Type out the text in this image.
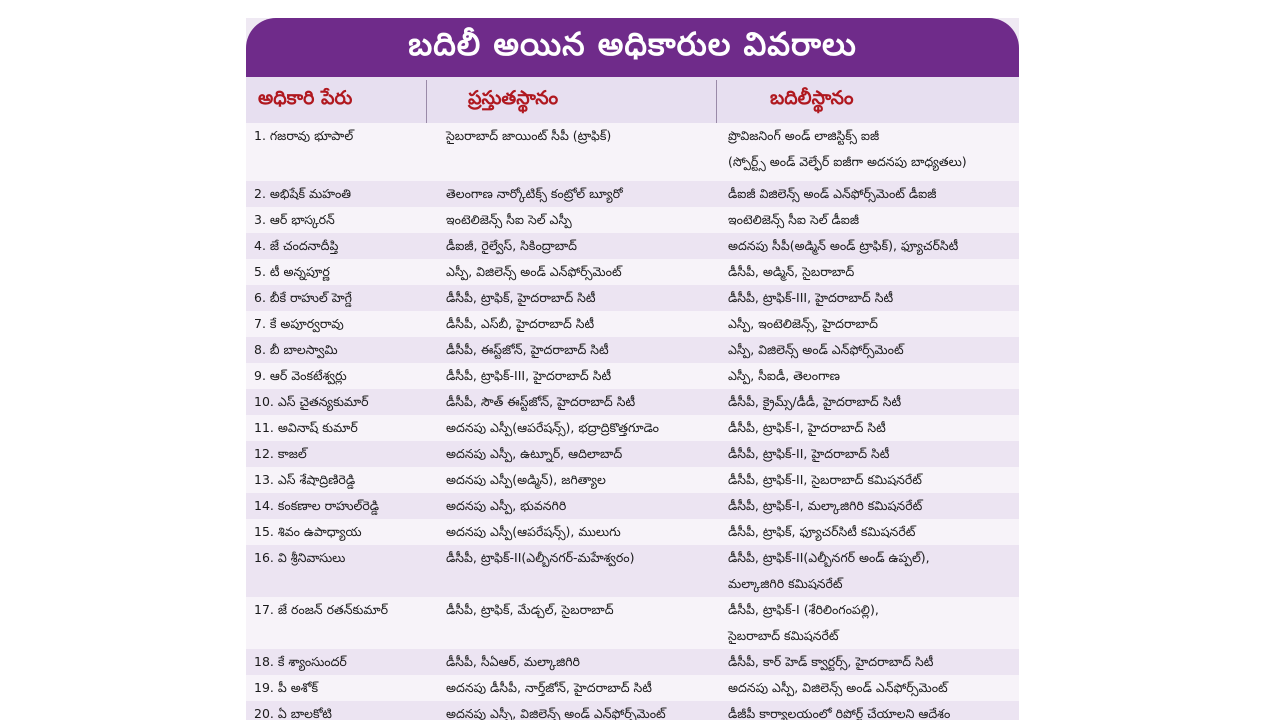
బదిలీ అయిన అధికారుల వివరాలు
అధికారి పేరు	ప్రస్తుతస్థానం	బదిలీస్థానం
1. గజరావు భూపాల్	సైబరాబాద్ జాయింట్ సీపీ (ట్రాఫిక్)	ప్రొవిజనింగ్ అండ్ లాజిస్టిక్స్ ఐజీ
(స్పోర్ట్స్ అండ్ వెల్ఫేర్ ఐజీగా అదనపు బాధ్యతలు)
2. అభిషేక్ మహంతి	తెలంగాణ నార్కోటిక్స్ కంట్రోల్ బ్యూరో	డీఐజీ విజిలెన్స్ అండ్ ఎన్‌ఫోర్స్‌మెంట్ డీఐజీ
3. ఆర్ భాస్కరన్	ఇంటెలిజెన్స్ సీఐ సెల్ ఎస్పీ	ఇంటెలిజెన్స్ సీఐ సెల్ డీఐజీ
4. జే చందనాదీప్తి	డీఐజీ, రైల్వేస్, సికింద్రాబాద్	అదనపు సీపీ(అడ్మిన్ అండ్ ట్రాఫిక్), ఫ్యూచర్‌సిటీ
5. టీ అన్నపూర్ణ	ఎస్పీ, విజిలెన్స్ అండ్ ఎన్‌ఫోర్స్‌మెంట్	డీసీపీ, అడ్మిన్, సైబరాబాద్
6. బీకే రాహుల్ హెగ్డే	డీసీపీ, ట్రాఫిక్, హైదరాబాద్ సిటీ	డీసీపీ, ట్రాఫిక్-III, హైదరాబాద్ సిటీ
7. కే అపూర్వరావు	డీసీపీ, ఎస్‌బీ, హైదరాబాద్ సిటీ	ఎస్పీ, ఇంటెలిజెన్స్, హైదరాబాద్
8. బీ బాలస్వామి	డీసీపీ, ఈస్ట్‌జోన్, హైదరాబాద్ సిటీ	ఎస్పీ, విజిలెన్స్ అండ్ ఎన్‌ఫోర్స్‌మెంట్
9. ఆర్ వెంకటేశ్వర్లు	డీసీపీ, ట్రాఫిక్-III, హైదరాబాద్ సిటీ	ఎస్పీ, సీఐడీ, తెలంగాణ
10. ఎస్ చైతన్యకుమార్	డీసీపీ, సౌత్ ఈస్ట్‌జోన్, హైదరాబాద్ సిటీ	డీసీపీ, క్రైమ్స్/డీడీ, హైదరాబాద్ సిటీ
11. అవినాష్ కుమార్	అదనపు ఎస్పీ(ఆపరేషన్స్), భద్రాద్రికొత్తగూడెం	డీసీపీ, ట్రాఫిక్-I, హైదరాబాద్ సిటీ
12. కాజల్	అదనపు ఎస్పీ, ఉట్నూర్, ఆదిలాబాద్	డీసీపీ, ట్రాఫిక్-II, హైదరాబాద్ సిటీ
13. ఎస్ శేషాద్రిణిరెడ్డి	అదనపు ఎస్పీ(అడ్మిన్), జగిత్యాల	డీసీపీ, ట్రాఫిక్-II, సైబరాబాద్ కమిషనరేట్
14. కంకణాల రాహుల్‌రెడ్డి	అదనపు ఎస్పీ, భువనగిరి	డీసీపీ, ట్రాఫిక్-I, మల్కాజిగిరి కమిషనరేట్
15. శివం ఉపాధ్యాయ	అదనపు ఎస్పీ(ఆపరేషన్స్), ములుగు	డీసీపీ, ట్రాఫిక్, ఫ్యూచర్‌సిటీ కమిషనరేట్
16. వి శ్రీనివాసులు	డీసీపీ, ట్రాఫిక్-II(ఎల్బీనగర్-మహేశ్వరం)	డీసీపీ, ట్రాఫిక్-II(ఎల్బీనగర్ అండ్ ఉప్పల్),
మల్కాజిగిరి కమిషనరేట్
17. జే రంజన్ రతన్‌కుమార్	డీసీపీ, ట్రాఫిక్, మేడ్చల్, సైబరాబాద్	డీసీపీ, ట్రాఫిక్-I (శేరిలింగంపల్లి),
సైబరాబాద్ కమిషనరేట్
18. కే శ్యాంసుందర్	డీసీపీ, సీఏఆర్, మల్కాజిగిరి	డీసీపీ, కార్ హెడ్ క్వార్టర్స్, హైదరాబాద్ సిటీ
19. పీ అశోక్	అదనపు డీసీపీ, నార్త్‌జోన్, హైదరాబాద్ సిటీ	అదనపు ఎస్పీ, విజిలెన్స్ అండ్ ఎన్‌ఫోర్స్‌మెంట్
20. ఏ బాలకోటి	అదనపు ఎస్పీ, విజిలెన్స్ అండ్ ఎన్‌ఫోర్స్‌మెంట్	డీజీపీ కార్యాలయంలో రిపోర్ట్ చేయాలని ఆదేశం
